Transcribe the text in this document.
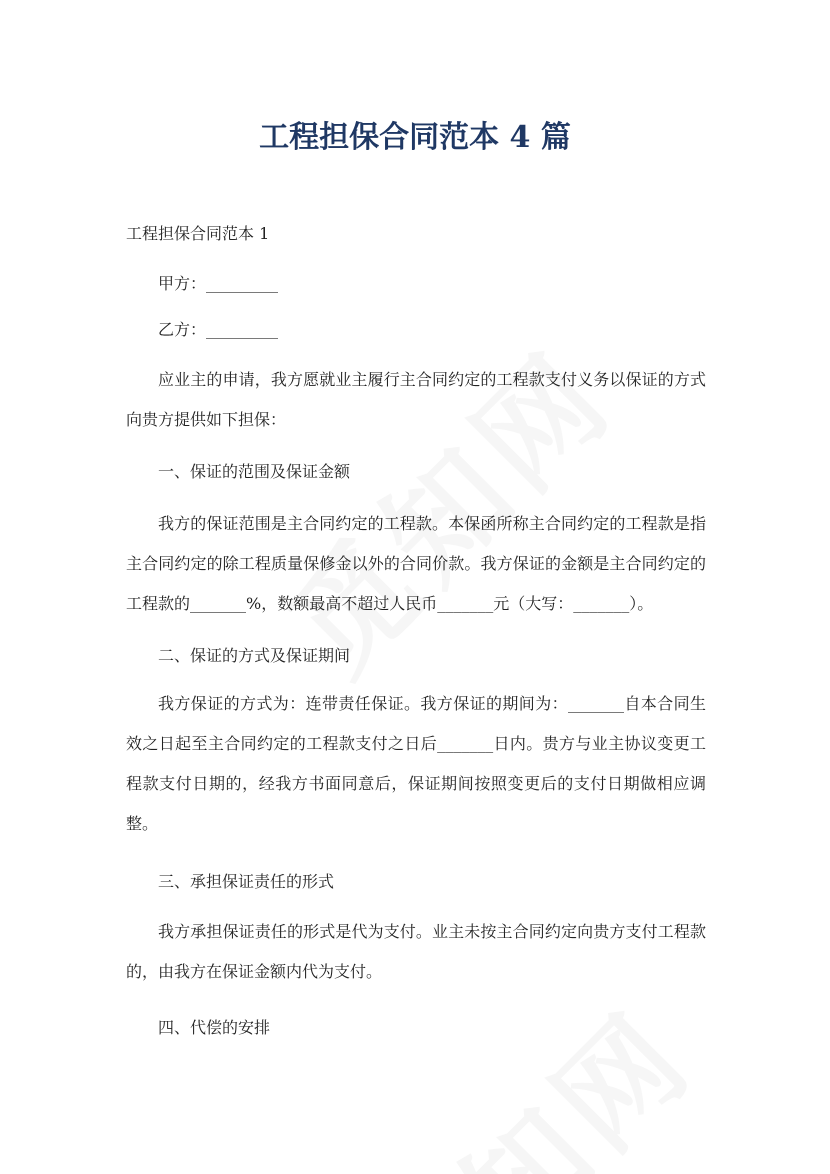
工程担保合同范本 4 篇

工程担保合同范本 1

甲方：_________

乙方：_________

应业主的申请，我方愿就业主履行主合同约定的工程款支付义务以保证的方式向贵方提供如下担保：

一、保证的范围及保证金额

我方的保证范围是主合同约定的工程款。本保函所称主合同约定的工程款是指主合同约定的除工程质量保修金以外的合同价款。我方保证的金额是主合同约定的工程款的_______%，数额最高不超过人民币_______元（大写：_______）。

二、保证的方式及保证期间

我方保证的方式为：连带责任保证。我方保证的期间为：_______自本合同生效之日起至主合同约定的工程款支付之日后_______日内。贵方与业主协议变更工程款支付日期的，经我方书面同意后，保证期间按照变更后的支付日期做相应调整。

三、承担保证责任的形式

我方承担保证责任的形式是代为支付。业主未按主合同约定向贵方支付工程款的，由我方在保证金额内代为支付。

四、代偿的安排
